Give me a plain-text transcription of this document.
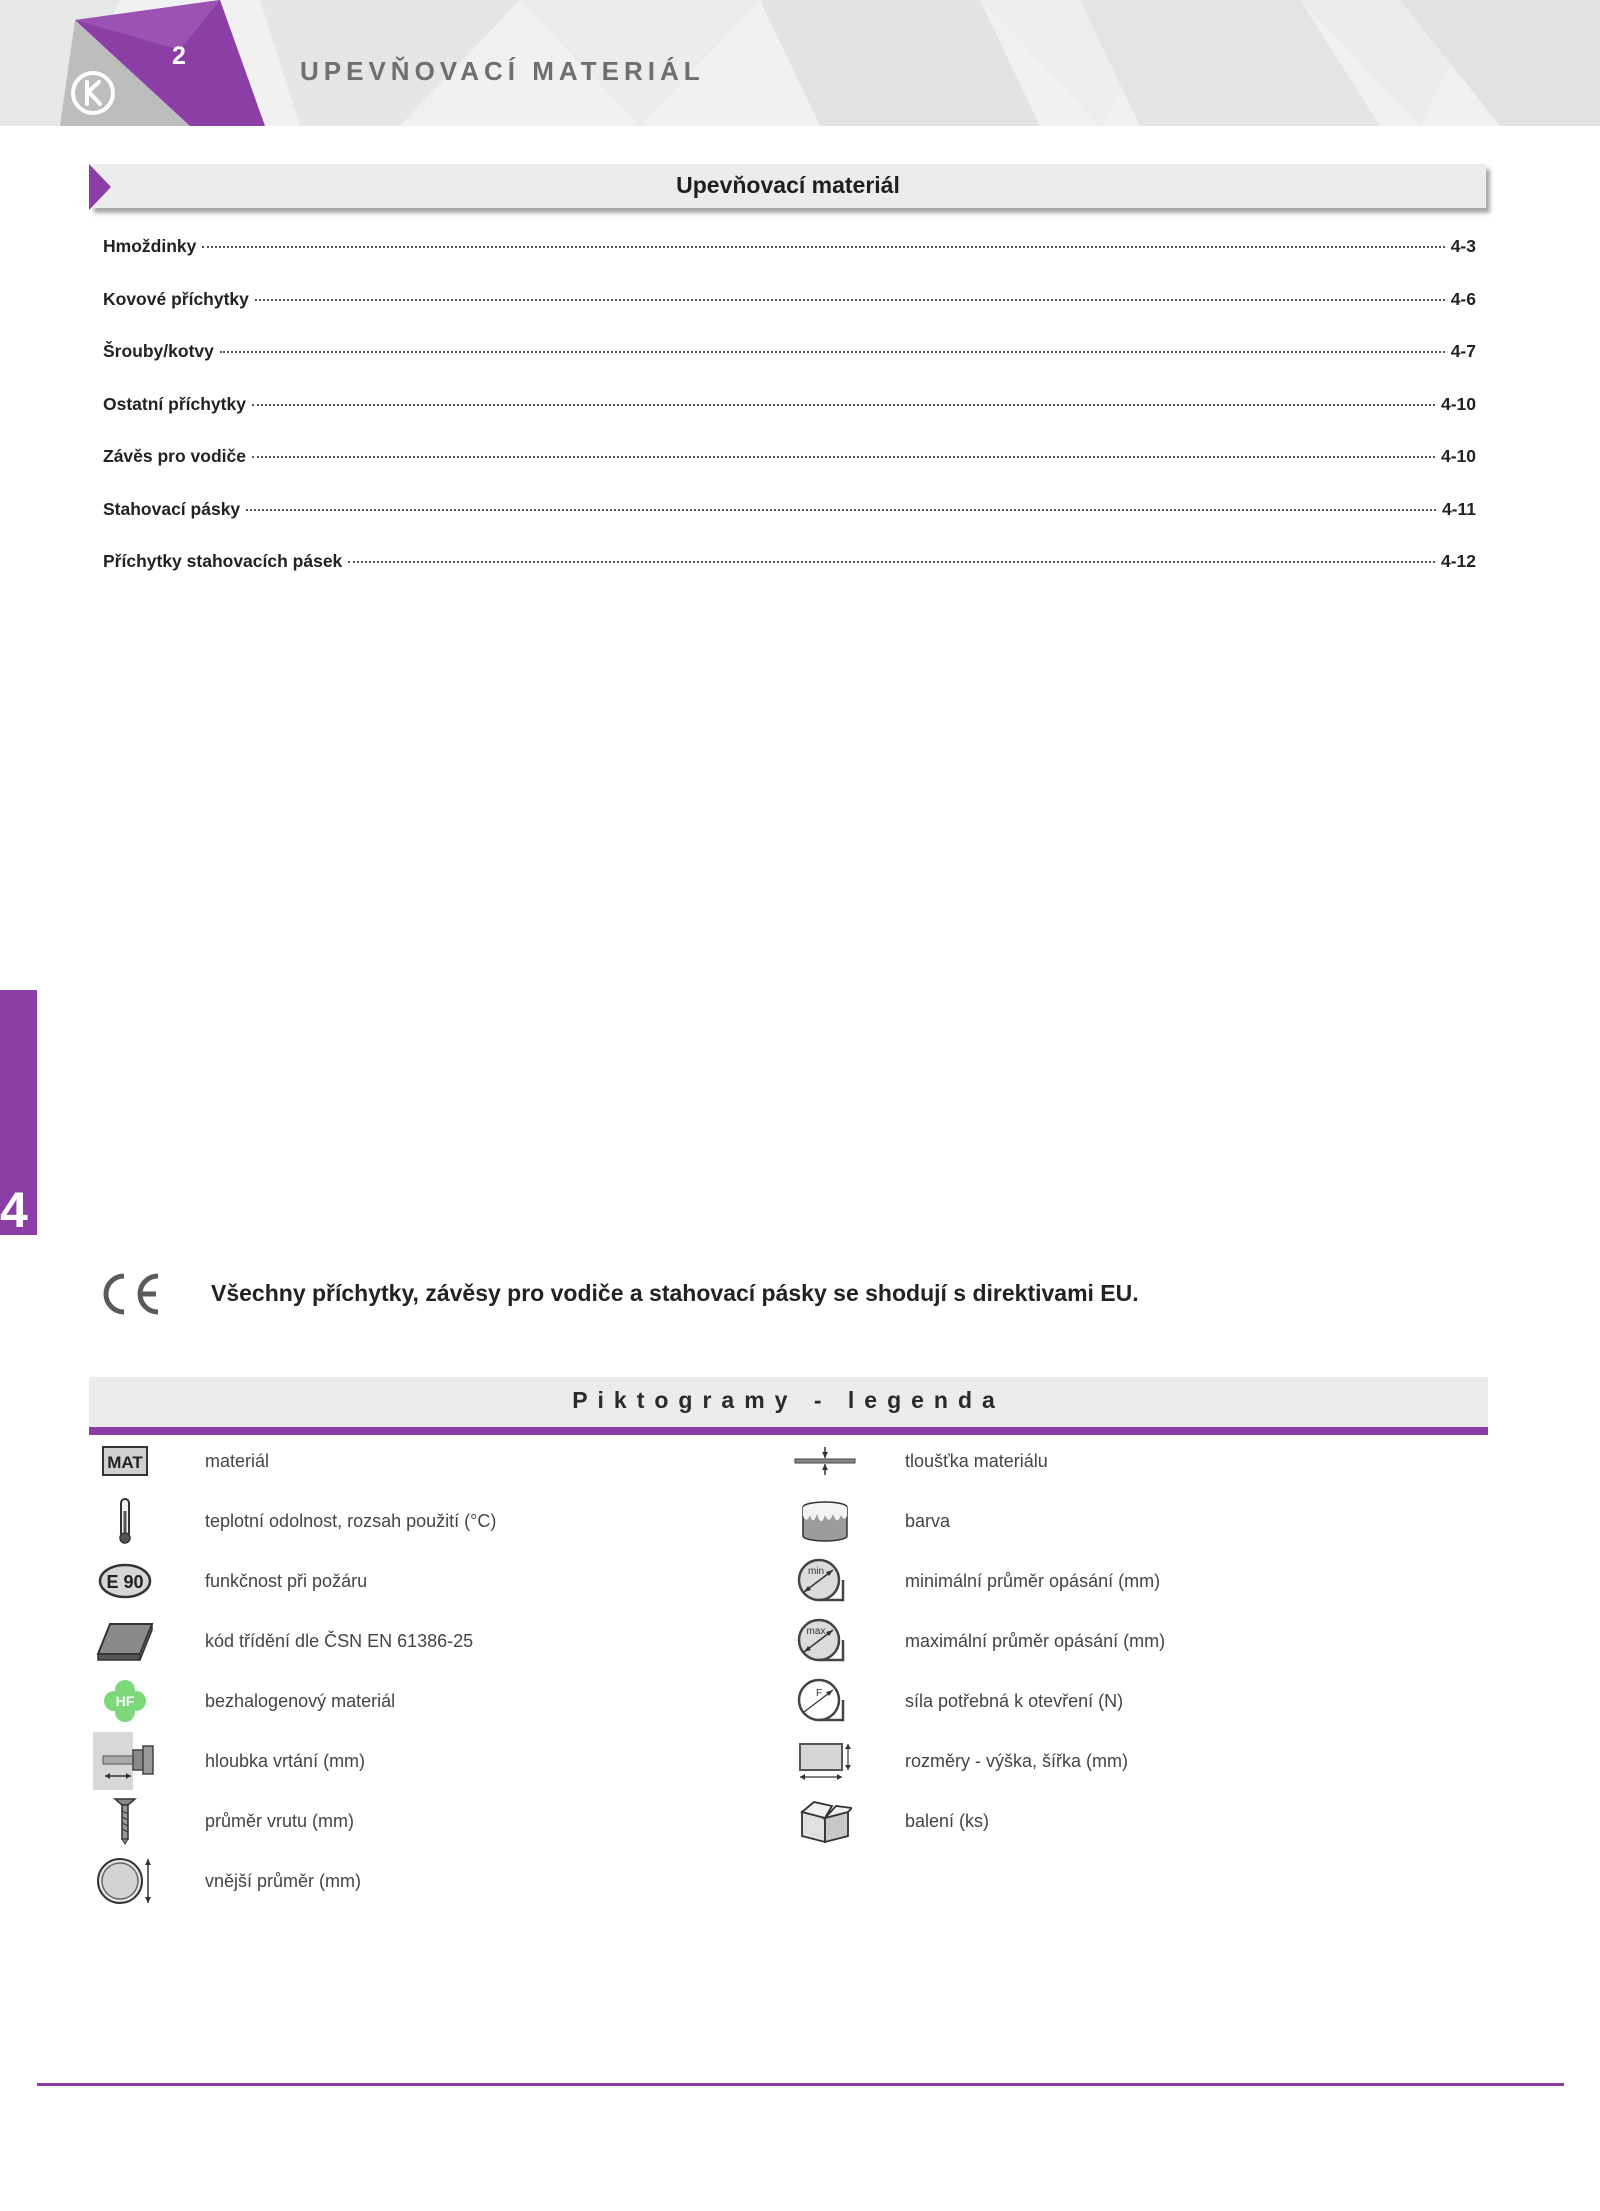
2	UPEVŇOVACÍ MATERIÁL
Upevňovací materiál
Hmoždinky	4-3
Kovové příchytky	4-6
Šrouby/kotvy	4-7
Ostatní příchytky	4-10
Závěs pro vodiče	4-10
Stahovací pásky	4-11
Příchytky stahovacích pásek	4-12
4
Všechny příchytky, závěsy pro vodiče a stahovací pásky se shodují s direktivami EU.
Piktogramy - legenda
MAT	materiál
teplotní odolnost, rozsah použití (°C)
E 90	funkčnost při požáru
kód třídění dle ČSN EN 61386-25
HF	bezhalogenový materiál
hloubka vrtání (mm)
průměr vrutu (mm)
vnější průměr (mm)
tloušťka materiálu
barva
min	minimální průměr opásání (mm)
max	maximální průměr opásání (mm)
F	síla potřebná k otevření (N)
rozměry - výška, šířka (mm)
balení (ks)
